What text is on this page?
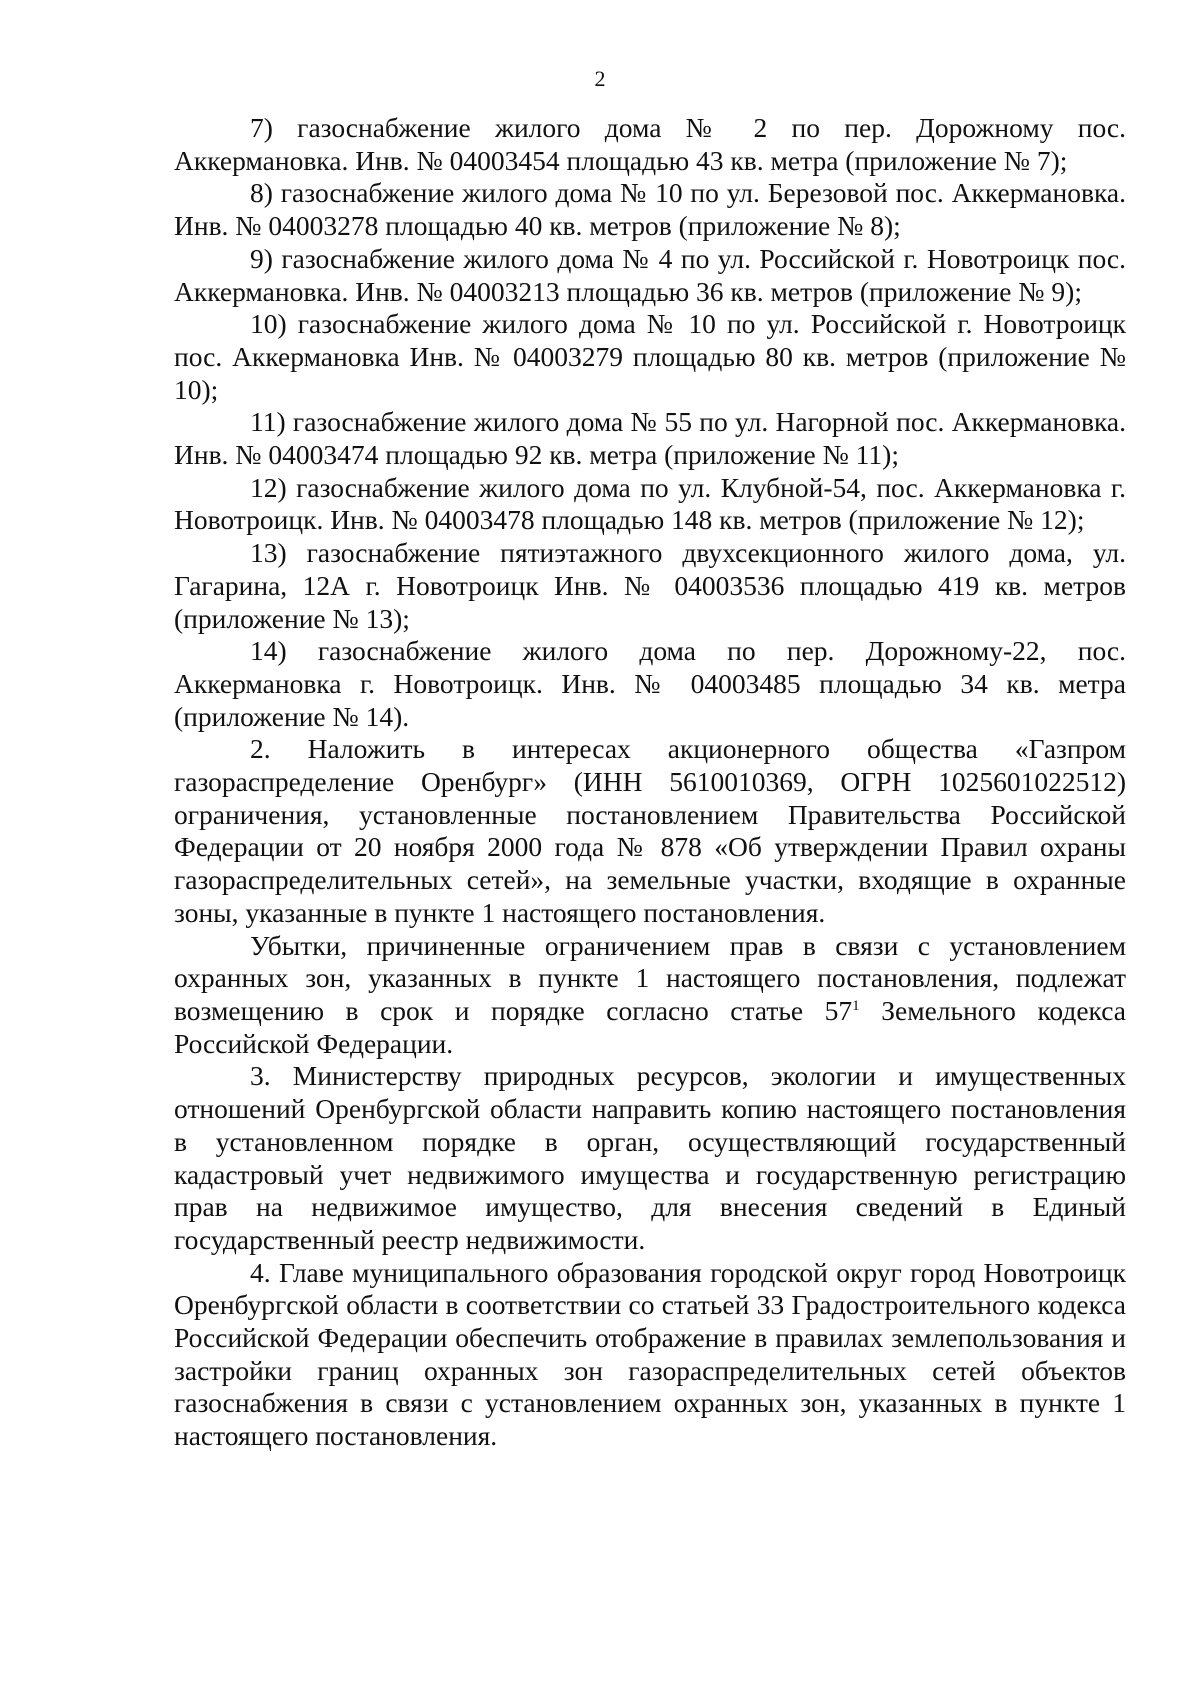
2

7) газоснабжение жилого дома № 2 по пер. Дорожному пос. Аккермановка. Инв. № 04003454 площадью 43 кв. метра (приложение № 7);

8) газоснабжение жилого дома № 10 по ул. Березовой пос. Аккермановка. Инв. № 04003278 площадью 40 кв. метров (приложение № 8);

9) газоснабжение жилого дома № 4 по ул. Российской г. Новотроицк пос. Аккермановка. Инв. № 04003213 площадью 36 кв. метров (приложение № 9);

10) газоснабжение жилого дома № 10 по ул. Российской г. Новотроицк пос. Аккермановка Инв. № 04003279 площадью 80 кв. метров (приложение № 10);

11) газоснабжение жилого дома № 55 по ул. Нагорной пос. Аккермановка. Инв. № 04003474 площадью 92 кв. метра (приложение № 11);

12) газоснабжение жилого дома по ул. Клубной-54, пос. Аккермановка г. Новотроицк. Инв. № 04003478 площадью 148 кв. метров (приложение № 12);

13) газоснабжение пятиэтажного двухсекционного жилого дома, ул. Гагарина, 12А г. Новотроицк Инв. № 04003536 площадью 419 кв. метров (приложение № 13);

14) газоснабжение жилого дома по пер. Дорожному-22, пос. Аккермановка г. Новотроицк. Инв. № 04003485 площадью 34 кв. метра (приложение № 14).

2. Наложить в интересах акционерного общества «Газпром газораспределение Оренбург» (ИНН 5610010369, ОГРН 1025601022512) ограничения, установленные постановлением Правительства Российской Федерации от 20 ноября 2000 года № 878 «Об утверждении Правил охраны газораспределительных сетей», на земельные участки, входящие в охранные зоны, указанные в пункте 1 настоящего постановления.

Убытки, причиненные ограничением прав в связи с установлением охранных зон, указанных в пункте 1 настоящего постановления, подлежат возмещению в срок и порядке согласно статье $57^1$ Земельного кодекса Российской Федерации.

3. Министерству природных ресурсов, экологии и имущественных отношений Оренбургской области направить копию настоящего постановления в установленном порядке в орган, осуществляющий государственный кадастровый учет недвижимого имущества и государственную регистрацию прав на недвижимое имущество, для внесения сведений в Единый государственный реестр недвижимости.

4. Главе муниципального образования городской округ город Новотроицк Оренбургской области в соответствии со статьей 33 Градостроительного кодекса Российской Федерации обеспечить отображение в правилах землепользования и застройки границ охранных зон газораспределительных сетей объектов газоснабжения в связи с установлением охранных зон, указанных в пункте 1 настоящего постановления.
